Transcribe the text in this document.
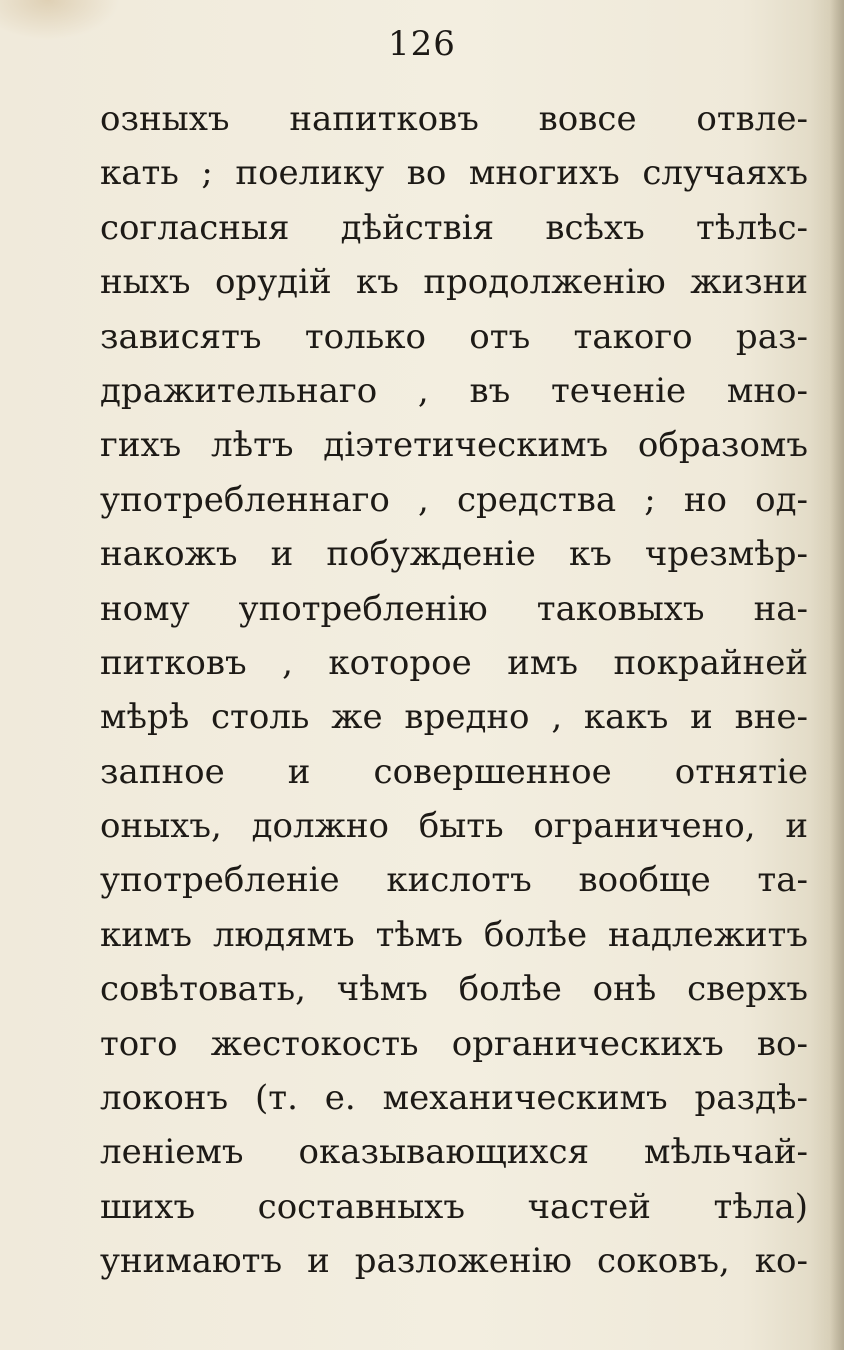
126
озныхъ напитковъ вовсе отвле-
кать ; поелику во многихъ случаяхъ
согласныя дѣйствія всѣхъ тѣлѣс-
ныхъ орудій къ продолженію жизни
зависятъ только отъ такого раз-
дражительнаго , въ теченіе мно-
гихъ лѣтъ діэтетическимъ образомъ
употребленнаго , средства ; но од-
накожъ и побужденіе къ чрезмѣр-
ному употребленію таковыхъ на-
питковъ , которое имъ покрайней
мѣрѣ столь же вредно , какъ и вне-
запное и совершенное отнятіе
оныхъ, должно быть ограничено, и
употребленіе кислотъ вообще та-
кимъ людямъ тѣмъ болѣе надлежитъ
совѣтовать, чѣмъ болѣе онѣ сверхъ
того жестокость органическихъ во-
локонъ (т. е. механическимъ раздѣ-
леніемъ оказывающихся мѣльчай-
шихъ составныхъ частей тѣла)
унимаютъ и разложенію соковъ, ко-
